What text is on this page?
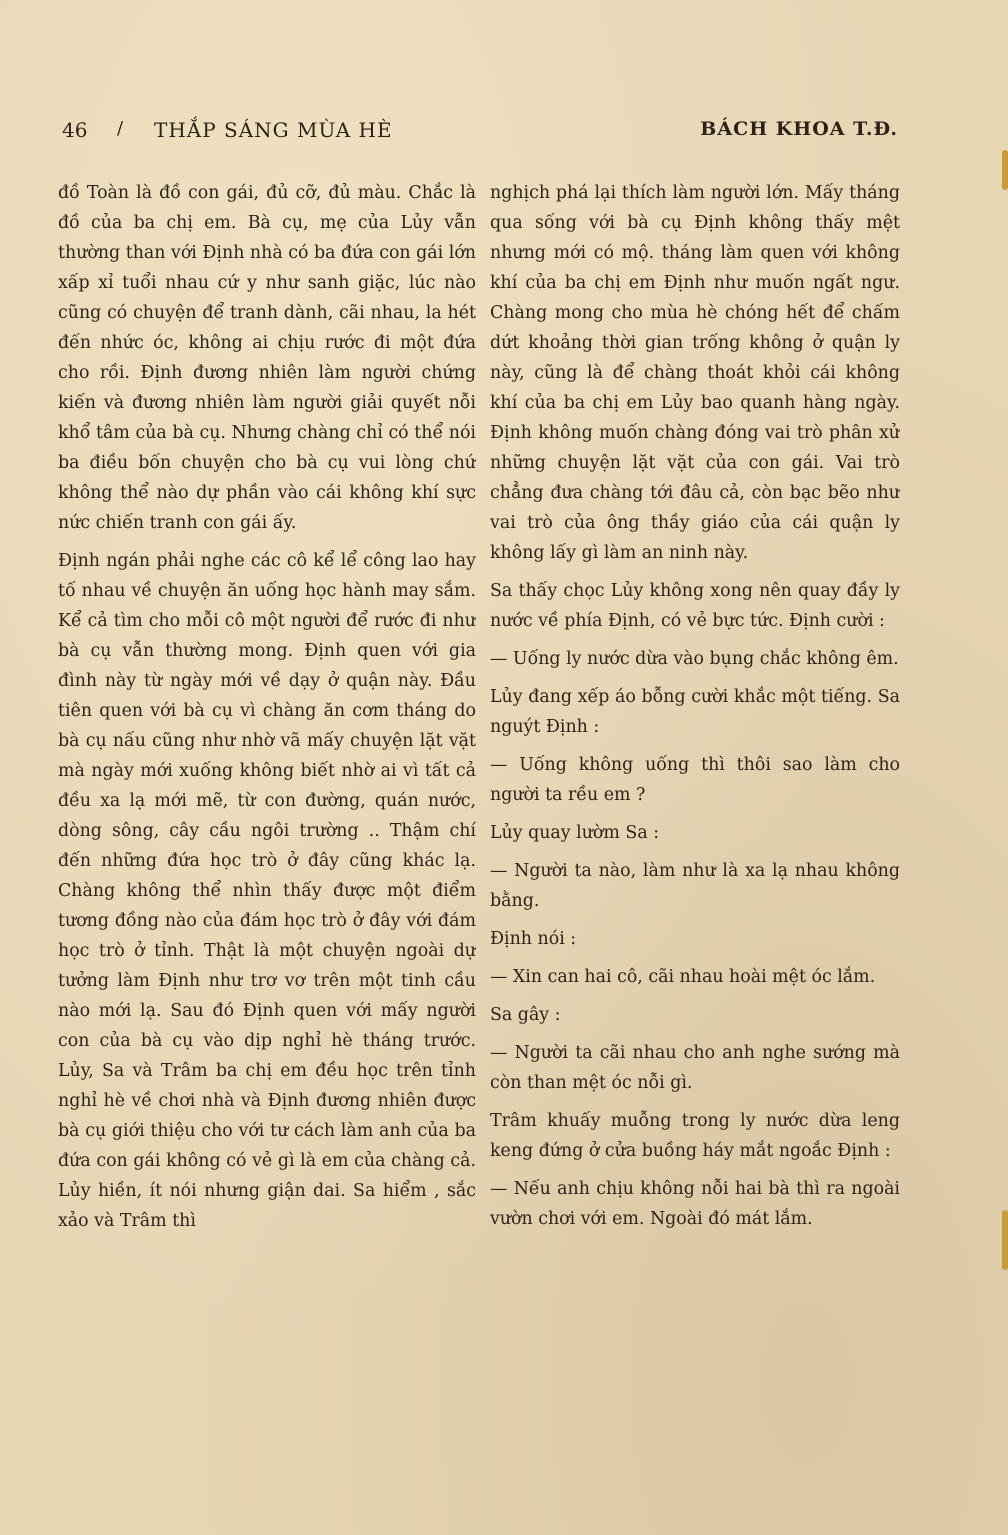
46 / THẮP SÁNG MÙA HÈ	BÁCH KHOA T.Đ.

đồ Toàn là đồ con gái, đủ cỡ, đủ màu. Chắc là đồ của ba chị em. Bà cụ, mẹ của Lủy vẫn thường than với Định nhà có ba đứa con gái lớn xấp xỉ tuổi nhau cứ y như sanh giặc, lúc nào cũng có chuyện để tranh dành, cãi nhau, la hét đến nhức óc, không ai chịu rước đi một đứa cho rồi. Định đương nhiên làm người chứng kiến và đương nhiên làm người giải quyết nỗi khổ tâm của bà cụ. Nhưng chàng chỉ có thể nói ba điều bốn chuyện cho bà cụ vui lòng chứ không thể nào dự phần vào cái không khí sực nức chiến tranh con gái ấy.

Định ngán phải nghe các cô kể lể công lao hay tố nhau về chuyện ăn uống học hành may sắm. Kể cả tìm cho mỗi cô một người để rước đi như bà cụ vẫn thường mong. Định quen với gia đình này từ ngày mới về dạy ở quận này. Đầu tiên quen với bà cụ vì chàng ăn cơm tháng do bà cụ nấu cũng như nhờ vã mấy chuyện lặt vặt mà ngày mới xuống không biết nhờ ai vì tất cả đều xa lạ mới mẽ, từ con đường, quán nước, dòng sông, cây cầu ngôi trường .. Thậm chí đến những đứa học trò ở đây cũng khác lạ. Chàng không thể nhìn thấy được một điểm tương đồng nào của đám học trò ở đây với đám học trò ở tỉnh. Thật là một chuyện ngoài dự tưởng làm Định như trơ vơ trên một tinh cầu nào mới lạ. Sau đó Định quen với mấy người con của bà cụ vào dịp nghỉ hè tháng trước. Lủy, Sa và Trâm ba chị em đều học trên tỉnh nghỉ hè về chơi nhà và Định đương nhiên được bà cụ giới thiệu cho với tư cách làm anh của ba đứa con gái không có vẻ gì là em của chàng cả. Lủy hiền, ít nói nhưng giận dai. Sa hiểm , sắc xảo và Trâm thì

nghịch phá lại thích làm người lớn. Mấy tháng qua sống với bà cụ Định không thấy mệt nhưng mới có mộ. tháng làm quen với không khí của ba chị em Định như muốn ngất ngư. Chàng mong cho mùa hè chóng hết để chấm dứt khoảng thời gian trống không ở quận ly này, cũng là để chàng thoát khỏi cái không khí của ba chị em Lủy bao quanh hàng ngày. Định không muốn chàng đóng vai trò phân xử những chuyện lặt vặt của con gái. Vai trò chẳng đưa chàng tới đâu cả, còn bạc bẽo như vai trò của ông thầy giáo của cái quận ly không lấy gì làm an ninh này.

Sa thấy chọc Lủy không xong nên quay đầy ly nước về phía Định, có vẻ bực tức. Định cười :

— Uống ly nước dừa vào bụng chắc không êm.

Lủy đang xếp áo bỗng cười khắc một tiếng. Sa nguýt Định :

— Uống không uống thì thôi sao làm cho người ta rều em ?

Lủy quay lườm Sa :

— Người ta nào, làm như là xa lạ nhau không bằng.

Định nói :

— Xin can hai cô, cãi nhau hoài mệt óc lắm.

Sa gây :

— Người ta cãi nhau cho anh nghe sướng mà còn than mệt óc nỗi gì.

Trâm khuấy muỗng trong ly nước dừa leng keng đứng ở cửa buồng háy mắt ngoắc Định :

— Nếu anh chịu không nỗi hai bà thì ra ngoài vườn chơi với em. Ngoài đó mát lắm.
